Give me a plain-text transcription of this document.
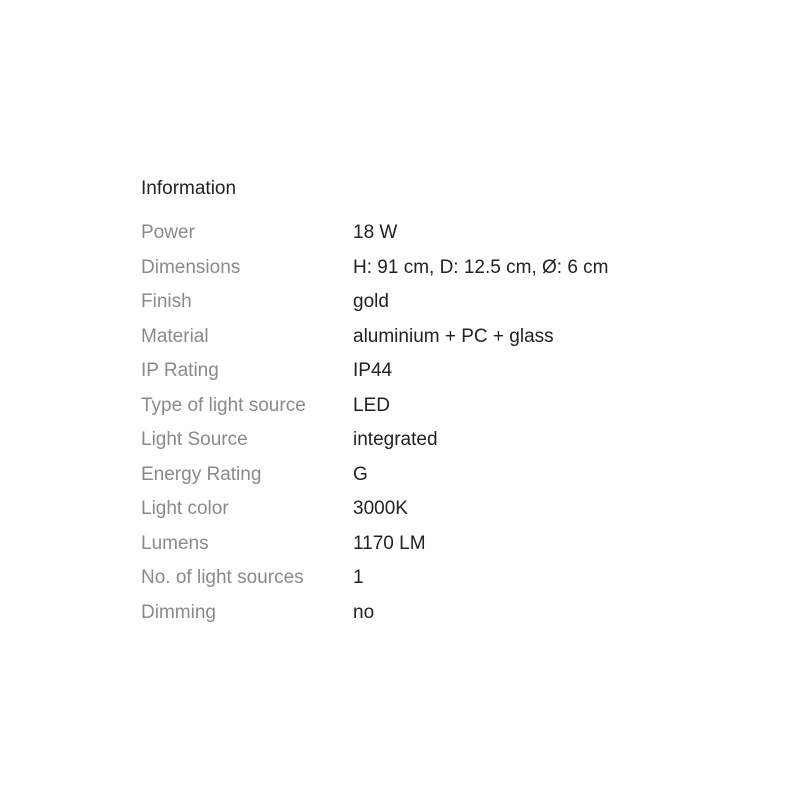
Information
Power	18 W
Dimensions	H: 91 cm, D: 12.5 cm, Ø: 6 cm
Finish	gold
Material	aluminium + PC + glass
IP Rating	IP44
Type of light source	LED
Light Source	integrated
Energy Rating	G
Light color	3000K
Lumens	1170 LM
No. of light sources	1
Dimming	no
